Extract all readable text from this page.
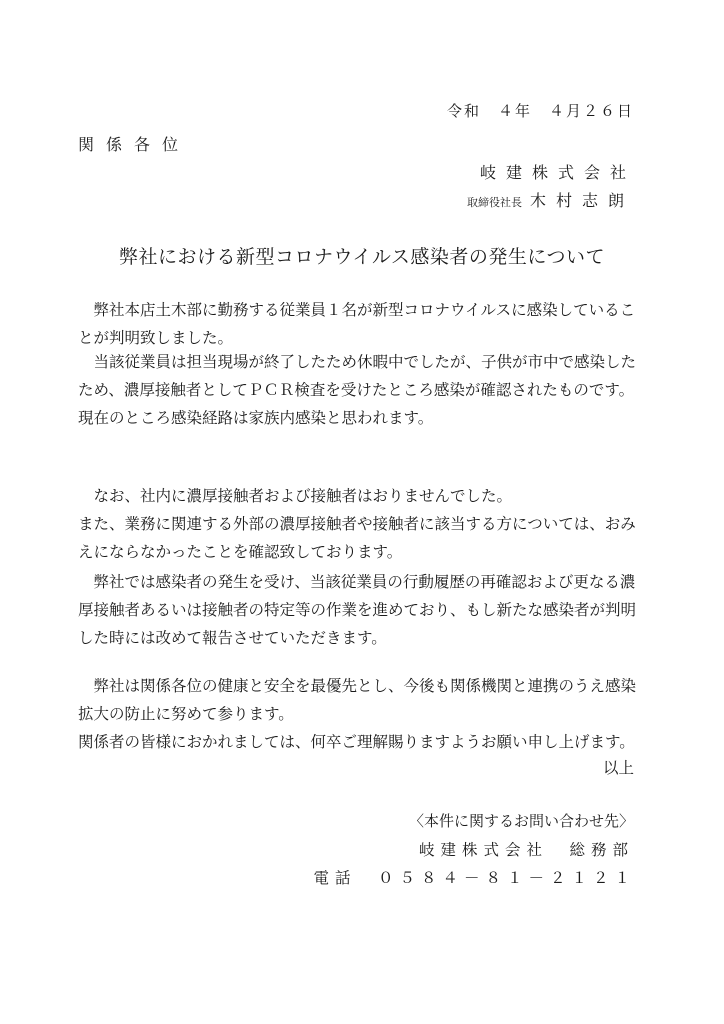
令和　４年　４月２６日
関係各位
岐建株式会社
取締役社長 木村志朗
弊社における新型コロナウイルス感染者の発生について

弊社本店土木部に勤務する従業員１名が新型コロナウイルスに感染していることが判明致しました。

当該従業員は担当現場が終了したため休暇中でしたが、子供が市中で感染したため、濃厚接触者としてＰＣＲ検査を受けたところ感染が確認されたものです。現在のところ感染経路は家族内感染と思われます。

なお、社内に濃厚接触者および接触者はおりませんでした。

また、業務に関連する外部の濃厚接触者や接触者に該当する方については、おみえにならなかったことを確認致しております。

弊社では感染者の発生を受け、当該従業員の行動履歴の再確認および更なる濃厚接触者あるいは接触者の特定等の作業を進めており、もし新たな感染者が判明した時には改めて報告させていただきます。

弊社は関係各位の健康と安全を最優先とし、今後も関係機関と連携のうえ感染拡大の防止に努めて参ります。

関係者の皆様におかれましては、何卒ご理解賜りますようお願い申し上げます。

以上
〈本件に関するお問い合わせ先〉
岐建株式会社　総務部
電話　０５８４－８１－２１２１
